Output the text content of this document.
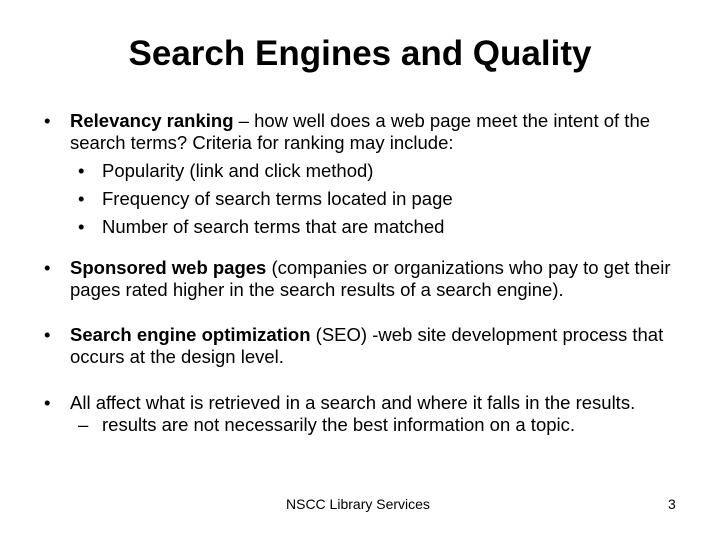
Search Engines and Quality
• Relevancy ranking – how well does a web page meet the intent of the search terms? Criteria for ranking may include:
• Popularity (link and click method)
• Frequency of search terms located in page
• Number of search terms that are matched
• Sponsored web pages (companies or organizations who pay to get their pages rated higher in the search results of a search engine).
• Search engine optimization (SEO) -web site development process that occurs at the design level.
• All affect what is retrieved in a search and where it falls in the results.
– results are not necessarily the best information on a topic.
NSCC Library Services	3
